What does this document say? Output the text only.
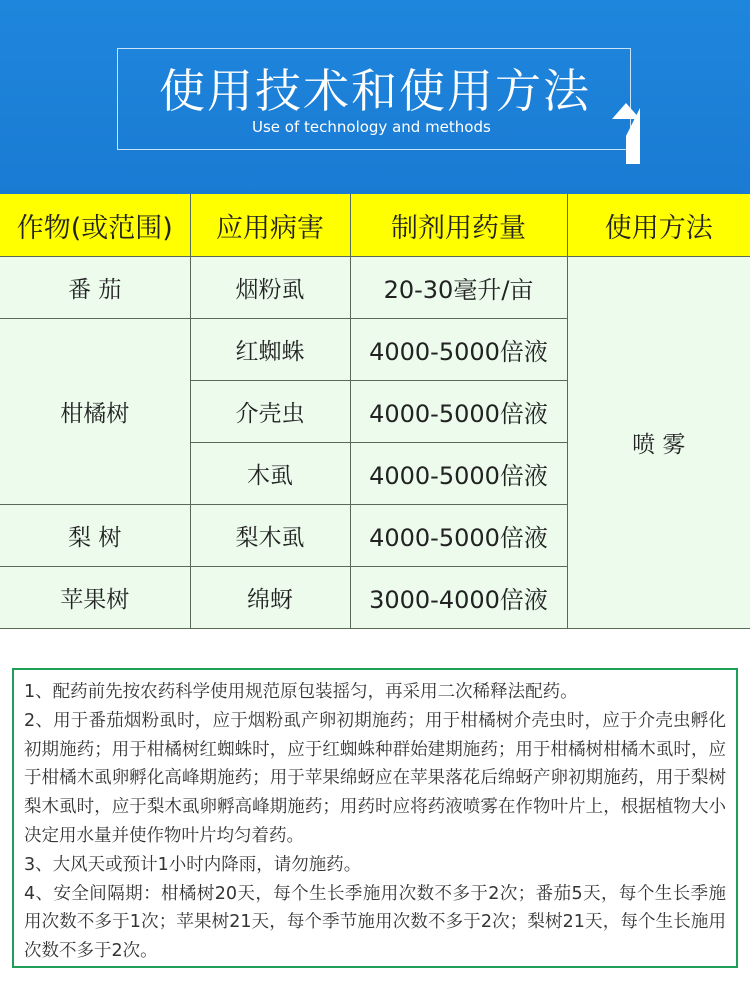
使用技术和使用方法
Use of technology and methods
作物(或范围)	应用病害	制剂用药量	使用方法
番 茄	烟粉虱	20-30毫升/亩	喷 雾
柑橘树	红蜘蛛	4000-5000倍液	
	介壳虫	4000-5000倍液	
	木虱	4000-5000倍液	
梨 树	梨木虱	4000-5000倍液	
苹果树	绵蚜	3000-4000倍液	

1、配药前先按农药科学使用规范原包装摇匀，再采用二次稀释法配药。

2、用于番茄烟粉虱时，应于烟粉虱产卵初期施药；用于柑橘树介壳虫时，应于介壳虫孵化初期施药；用于柑橘树红蜘蛛时，应于红蜘蛛种群始建期施药；用于柑橘树柑橘木虱时，应于柑橘木虱卵孵化高峰期施药；用于苹果绵蚜应在苹果落花后绵蚜产卵初期施药，用于梨树梨木虱时，应于梨木虱卵孵高峰期施药；用药时应将药液喷雾在作物叶片上，根据植物大小决定用水量并使作物叶片均匀着药。

3、大风天或预计1小时内降雨，请勿施药。

4、安全间隔期：柑橘树20天，每个生长季施用次数不多于2次；番茄5天，每个生长季施用次数不多于1次；苹果树21天，每个季节施用次数不多于2次；梨树21天，每个生长施用次数不多于2次。
